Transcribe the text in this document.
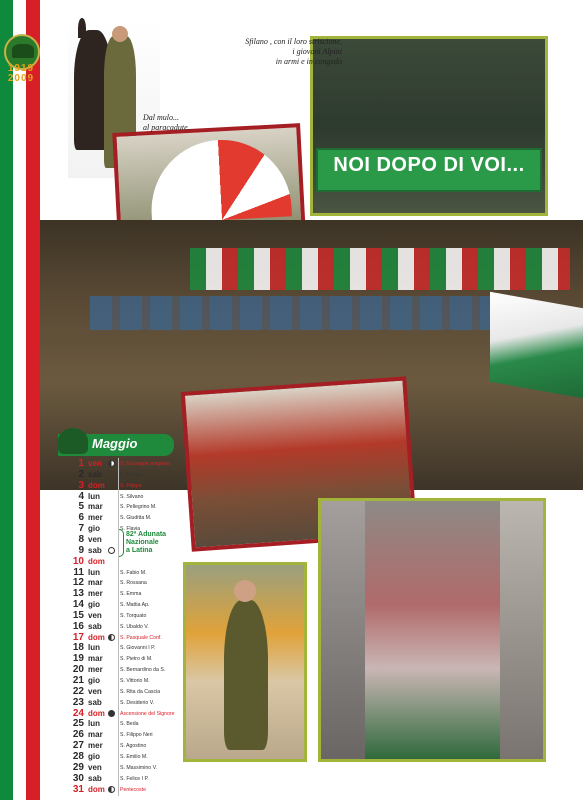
1919
2009
NOI DOPO DI VOI...
Sfilano , con il loro striscione,
i giovani Alpini
in armi e in congedo
Dal mulo...
al paracadute.
Maggio
1 ven	S. Giuseppe artigiano
2 sab	S. Cesare
3 dom	S. Filippo
4 lun	S. Silvano
5 mar	S. Pellegrino M.
6 mer	S. Giuditta M.
7 gio	S. Flavia
8 ven
9 sab
10 dom
11 lun	S. Fabio M.
12 mar	S. Rossana
13 mer	S. Emma
14 gio	S. Mattia Ap.
15 ven	S. Torquato
16 sab	S. Ubaldo V.
17 dom	S. Pasquale Conf.
18 lun	S. Giovanni I P.
19 mar	S. Pietro di M.
20 mer	S. Bernardino da S.
21 gio	S. Vittorio M.
22 ven	S. Rita da Cascia
23 sab	S. Desiderio V.
24 dom	Ascensione del Signore
25 lun	S. Beda
26 mar	S. Filippo Neri
27 mer	S. Agostino
28 gio	S. Emilio M.
29 ven	S. Massimino V.
30 sab	S. Felice I P.
31 dom	Pentecoste
82ª Adunata
Nazionale
a Latina
